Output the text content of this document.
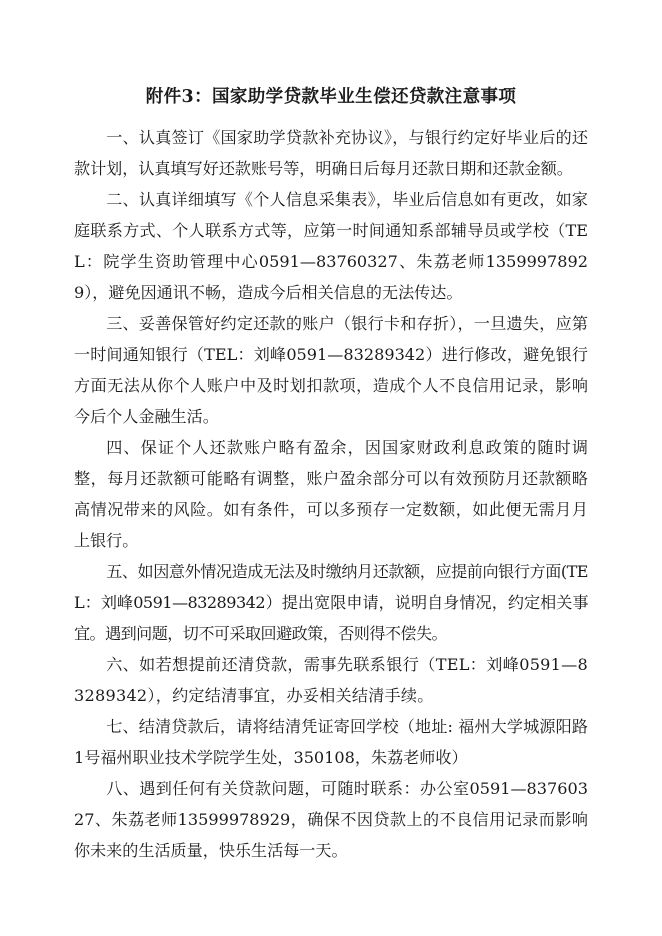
附件3：国家助学贷款毕业生偿还贷款注意事项

一、认真签订《国家助学贷款补充协议》，与银行约定好毕业后的还款计划，认真填写好还款账号等，明确日后每月还款日期和还款金额。

二、认真详细填写《个人信息采集表》，毕业后信息如有更改，如家庭联系方式、个人联系方式等，应第一时间通知系部辅导员或学校（TEL：院学生资助管理中心0591—83760327、朱荔老师13599978929），避免因通讯不畅，造成今后相关信息的无法传达。

三、妥善保管好约定还款的账户（银行卡和存折），一旦遗失，应第一时间通知银行（TEL：刘峰0591—83289342）进行修改，避免银行方面无法从你个人账户中及时划扣款项，造成个人不良信用记录，影响今后个人金融生活。

四、保证个人还款账户略有盈余，因国家财政利息政策的随时调整，每月还款额可能略有调整，账户盈余部分可以有效预防月还款额略高情况带来的风险。如有条件，可以多预存一定数额，如此便无需月月上银行。

五、如因意外情况造成无法及时缴纳月还款额，应提前向银行方面(TEL：刘峰0591—83289342）提出宽限申请，说明自身情况，约定相关事宜。遇到问题，切不可采取回避政策，否则得不偿失。

六、如若想提前还清贷款，需事先联系银行（TEL：刘峰0591—83289342），约定结清事宜，办妥相关结清手续。

七、结清贷款后，请将结清凭证寄回学校（地址: 福州大学城源阳路1号福州职业技术学院学生处，350108，朱荔老师收）

八、遇到任何有关贷款问题，可随时联系：办公室0591—83760327、朱荔老师13599978929，确保不因贷款上的不良信用记录而影响你未来的生活质量，快乐生活每一天。
